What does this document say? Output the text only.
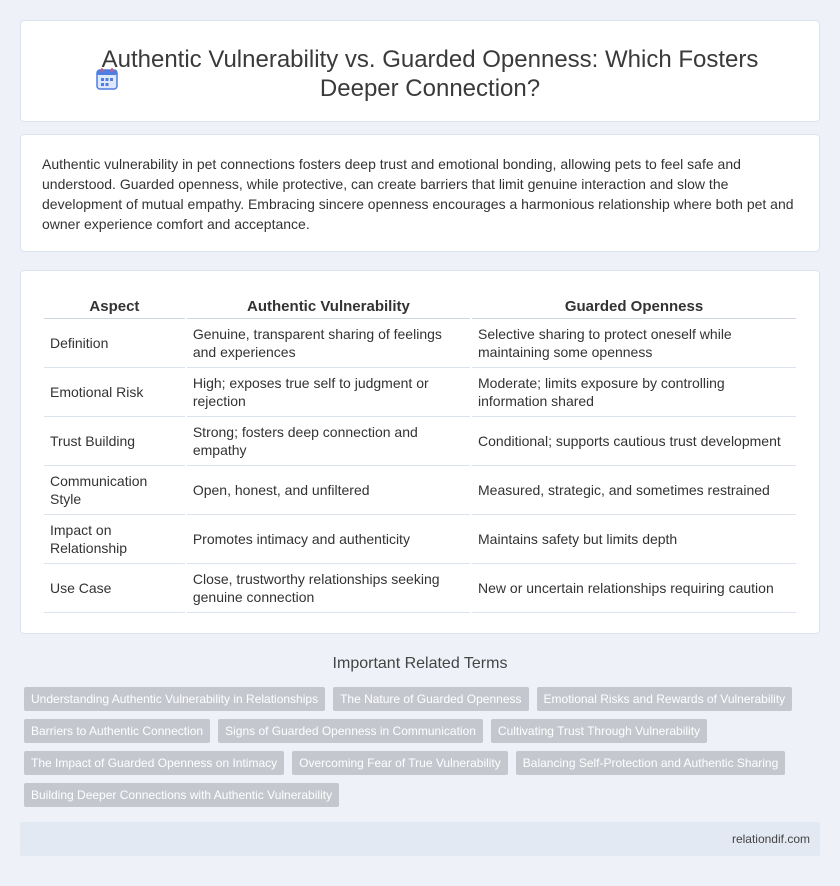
Authentic Vulnerability vs. Guarded Openness: Which Fosters Deeper Connection?

Authentic vulnerability in pet connections fosters deep trust and emotional bonding, allowing pets to feel safe and understood. Guarded openness, while protective, can create barriers that limit genuine interaction and slow the development of mutual empathy. Embracing sincere openness encourages a harmonious relationship where both pet and owner experience comfort and acceptance.

Aspect	Authentic Vulnerability	Guarded Openness
Definition	Genuine, transparent sharing of feelings and experiences	Selective sharing to protect oneself while maintaining some openness
Emotional Risk	High; exposes true self to judgment or rejection	Moderate; limits exposure by controlling information shared
Trust Building	Strong; fosters deep connection and empathy	Conditional; supports cautious trust development
Communication Style	Open, honest, and unfiltered	Measured, strategic, and sometimes restrained
Impact on Relationship	Promotes intimacy and authenticity	Maintains safety but limits depth
Use Case	Close, trustworthy relationships seeking genuine connection	New or uncertain relationships requiring caution
Important Related Terms
Understanding Authentic Vulnerability in Relationships	The Nature of Guarded Openness	Emotional Risks and Rewards of Vulnerability
Barriers to Authentic Connection	Signs of Guarded Openness in Communication	Cultivating Trust Through Vulnerability
The Impact of Guarded Openness on Intimacy	Overcoming Fear of True Vulnerability	Balancing Self-Protection and Authentic Sharing
Building Deeper Connections with Authentic Vulnerability
relationdif.com
